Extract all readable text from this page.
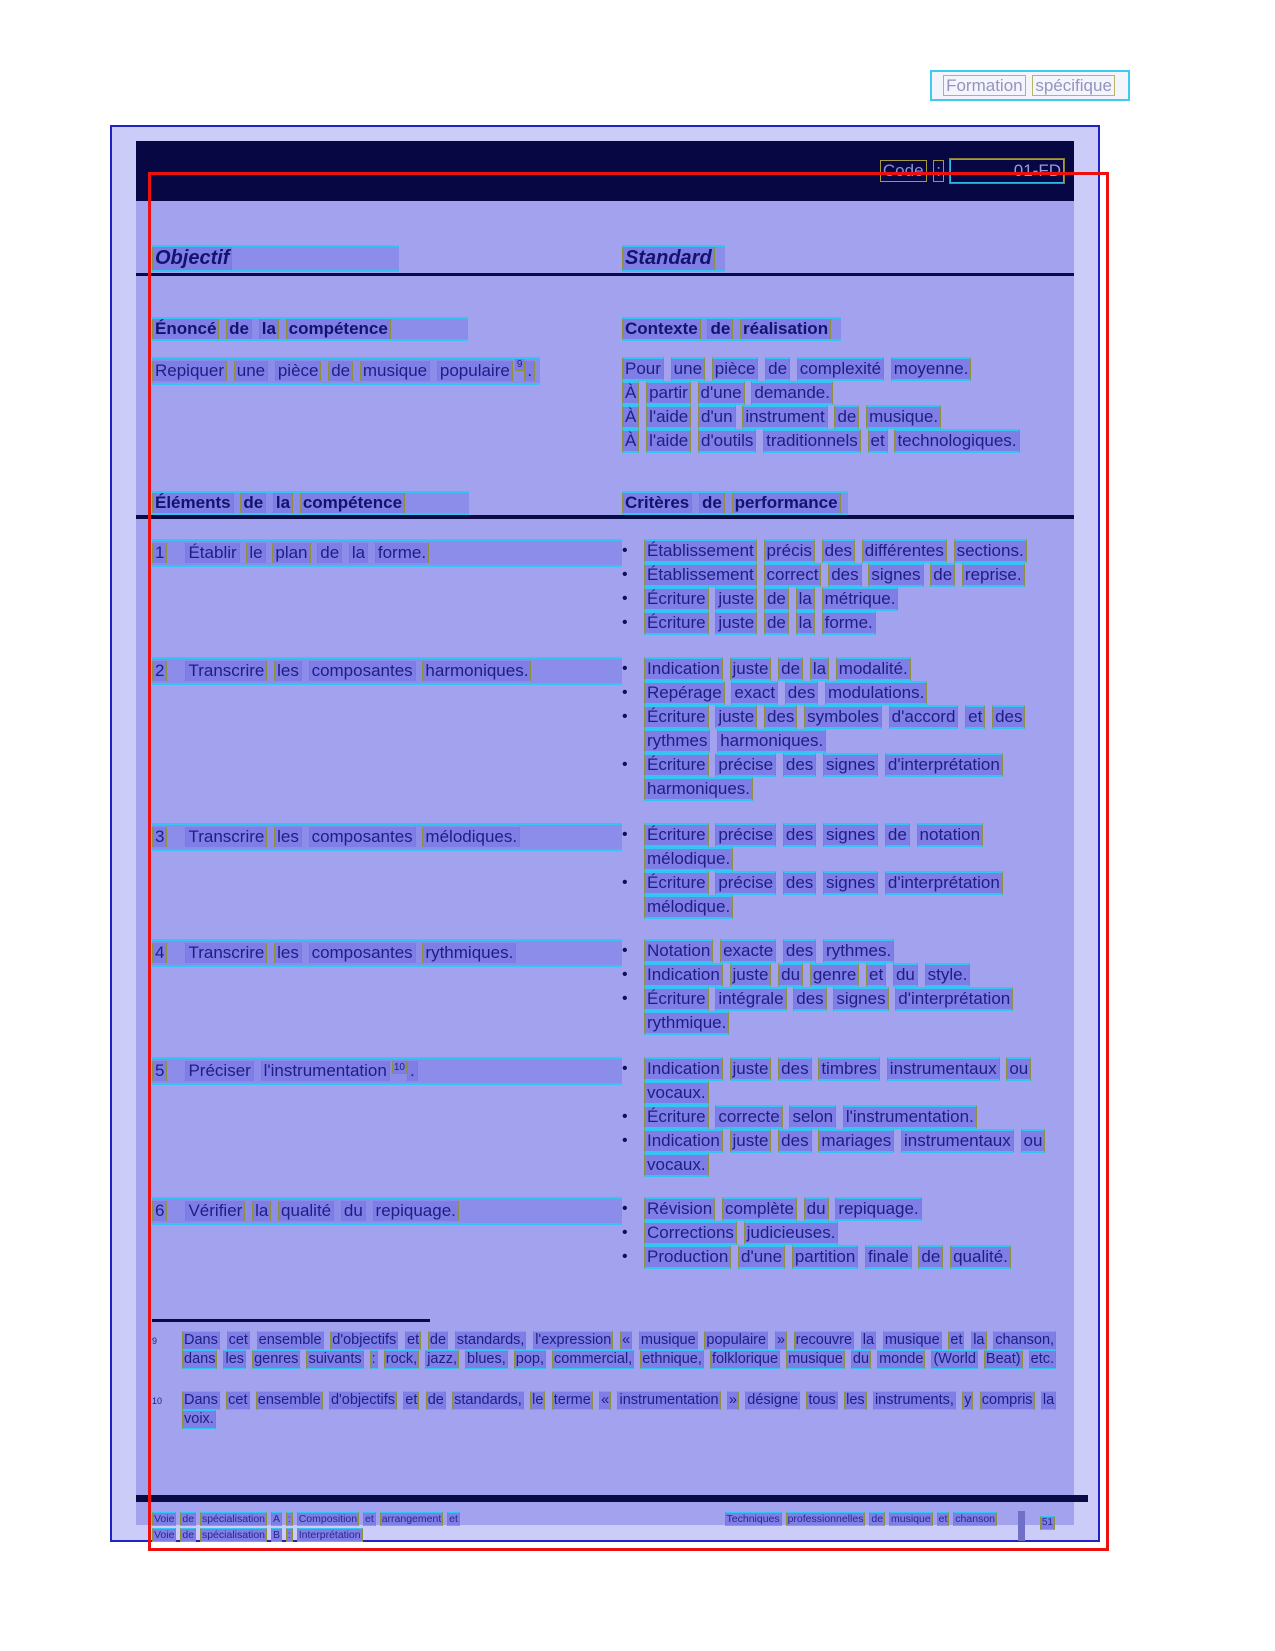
Formation spécifique
Code :	01-FD
Objectif	Standard
Énoncé de la compétence	Contexte de réalisation
Repiquer une pièce de musique populaire $^9$ .	Pour une pièce de complexité moyenne.
À partir d'une demande.
À l'aide d'un instrument de musique.
À l'aide d'outils traditionnels et technologiques.
Éléments de la compétence	Critères de performance
1 Établir le plan de la forme.	•	Établissement précis des différentes sections.
•	Établissement correct des signes de reprise.
•	Écriture juste de la métrique.
•	Écriture juste de la forme.
2 Transcrire les composantes harmoniques.	•	Indication juste de la modalité.
•	Repérage exact des modulations.
•	Écriture juste des symboles d'accord et des rythmes harmoniques.
•	Écriture précise des signes d'interprétation harmoniques.
3 Transcrire les composantes mélodiques.	•	Écriture précise des signes de notation mélodique.
•	Écriture précise des signes d'interprétation mélodique.
4 Transcrire les composantes rythmiques.	•	Notation exacte des rythmes.
•	Indication juste du genre et du style.
•	Écriture intégrale des signes d'interprétation rythmique.
5 Préciser l'instrumentation $^{10}$ .	•	Indication juste des timbres instrumentaux ou vocaux.
•	Écriture correcte selon l'instrumentation.
•	Indication juste des mariages instrumentaux ou vocaux.
6 Vérifier la qualité du repiquage.	•	Révision complète du repiquage.
•	Corrections judicieuses.
•	Production d'une partition finale de qualité.
9	Dans cet ensemble d'objectifs et de standards, l'expression « musique populaire » recouvre la musique et la chanson, dans les genres suivants : rock, jazz, blues, pop, commercial, ethnique, folklorique musique du monde (World Beat) etc.
10	Dans cet ensemble d'objectifs et de standards, le terme « instrumentation » désigne tous les instruments, y compris la voix.
Voie de spécialisation A : Composition et arrangement et	Techniques professionnelles de musique et chanson
Voie de spécialisation B : Interprétation
51
